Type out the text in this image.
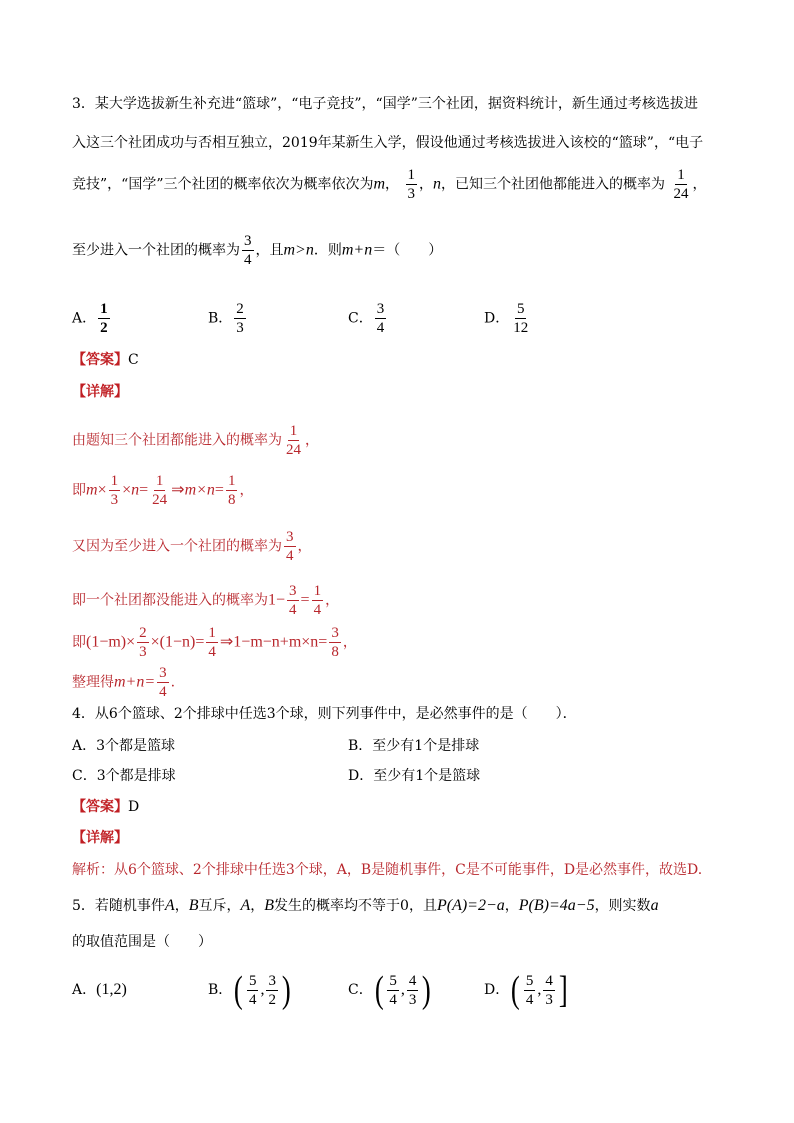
3．某大学选拔新生补充进“篮球”，“电子竞技”，“国学”三个社团，据资料统计，新生通过考核选拔进
入这三个社团成功与否相互独立，2019年某新生入学，假设他通过考核选拔进入该校的“篮球”，“电子
竞技”，“国学”三个社团的概率依次为概率依次为m， $\frac{1}{3}$ ，n，已知三个社团他都能进入的概率为 $\frac{1}{24}$ ，
至少进入一个社团的概率为 $\frac{3}{4}$ ，且m>n．则m+n＝（　　）
A． $\frac{1}{2}$	B． $\frac{2}{3}$	C． $\frac{3}{4}$	D． $\frac{5}{12}$
【答案】C
【详解】
由题知三个社团都能进入的概率为 $\frac{1}{24}$ ，
即$m\times \frac{1}{3} \times n= \frac{1}{24}$ ⇒m×n= $\frac{1}{8}$ ，
又因为至少进入一个社团的概率为 $\frac{3}{4}$ ，
即一个社团都没能进入的概率为$1- \frac{3}{4} = \frac{1}{4}$ ，
即$(1-m)\times \frac{2}{3} \times(1-n)= \frac{1}{4}$ ⇒1−m−n+m×n= $\frac{3}{8}$ ，
整理得$m+n= \frac{3}{4}$ .
4．从6个篮球、2个排球中任选3个球，则下列事件中，是必然事件的是（　　）．
A．3个都是篮球	B．至少有1个是排球
C．3个都是排球	D．至少有1个是篮球
【答案】D
【详解】
解析：从6个篮球、2个排球中任选3个球，A，B是随机事件，C是不可能事件，D是必然事件，故选D.
5．若随机事件A，B互斥，A，B发生的概率均不等于0，且P(A)=2−a，P(B)=4a−5，则实数a
的取值范围是（　　）
A．(1,2)	B． ( $\frac{5}{4}$ , $\frac{3}{2}$ )	C． ( $\frac{5}{4}$ , $\frac{4}{3}$ )	D． ( $\frac{5}{4}$ , $\frac{4}{3}$ ]
